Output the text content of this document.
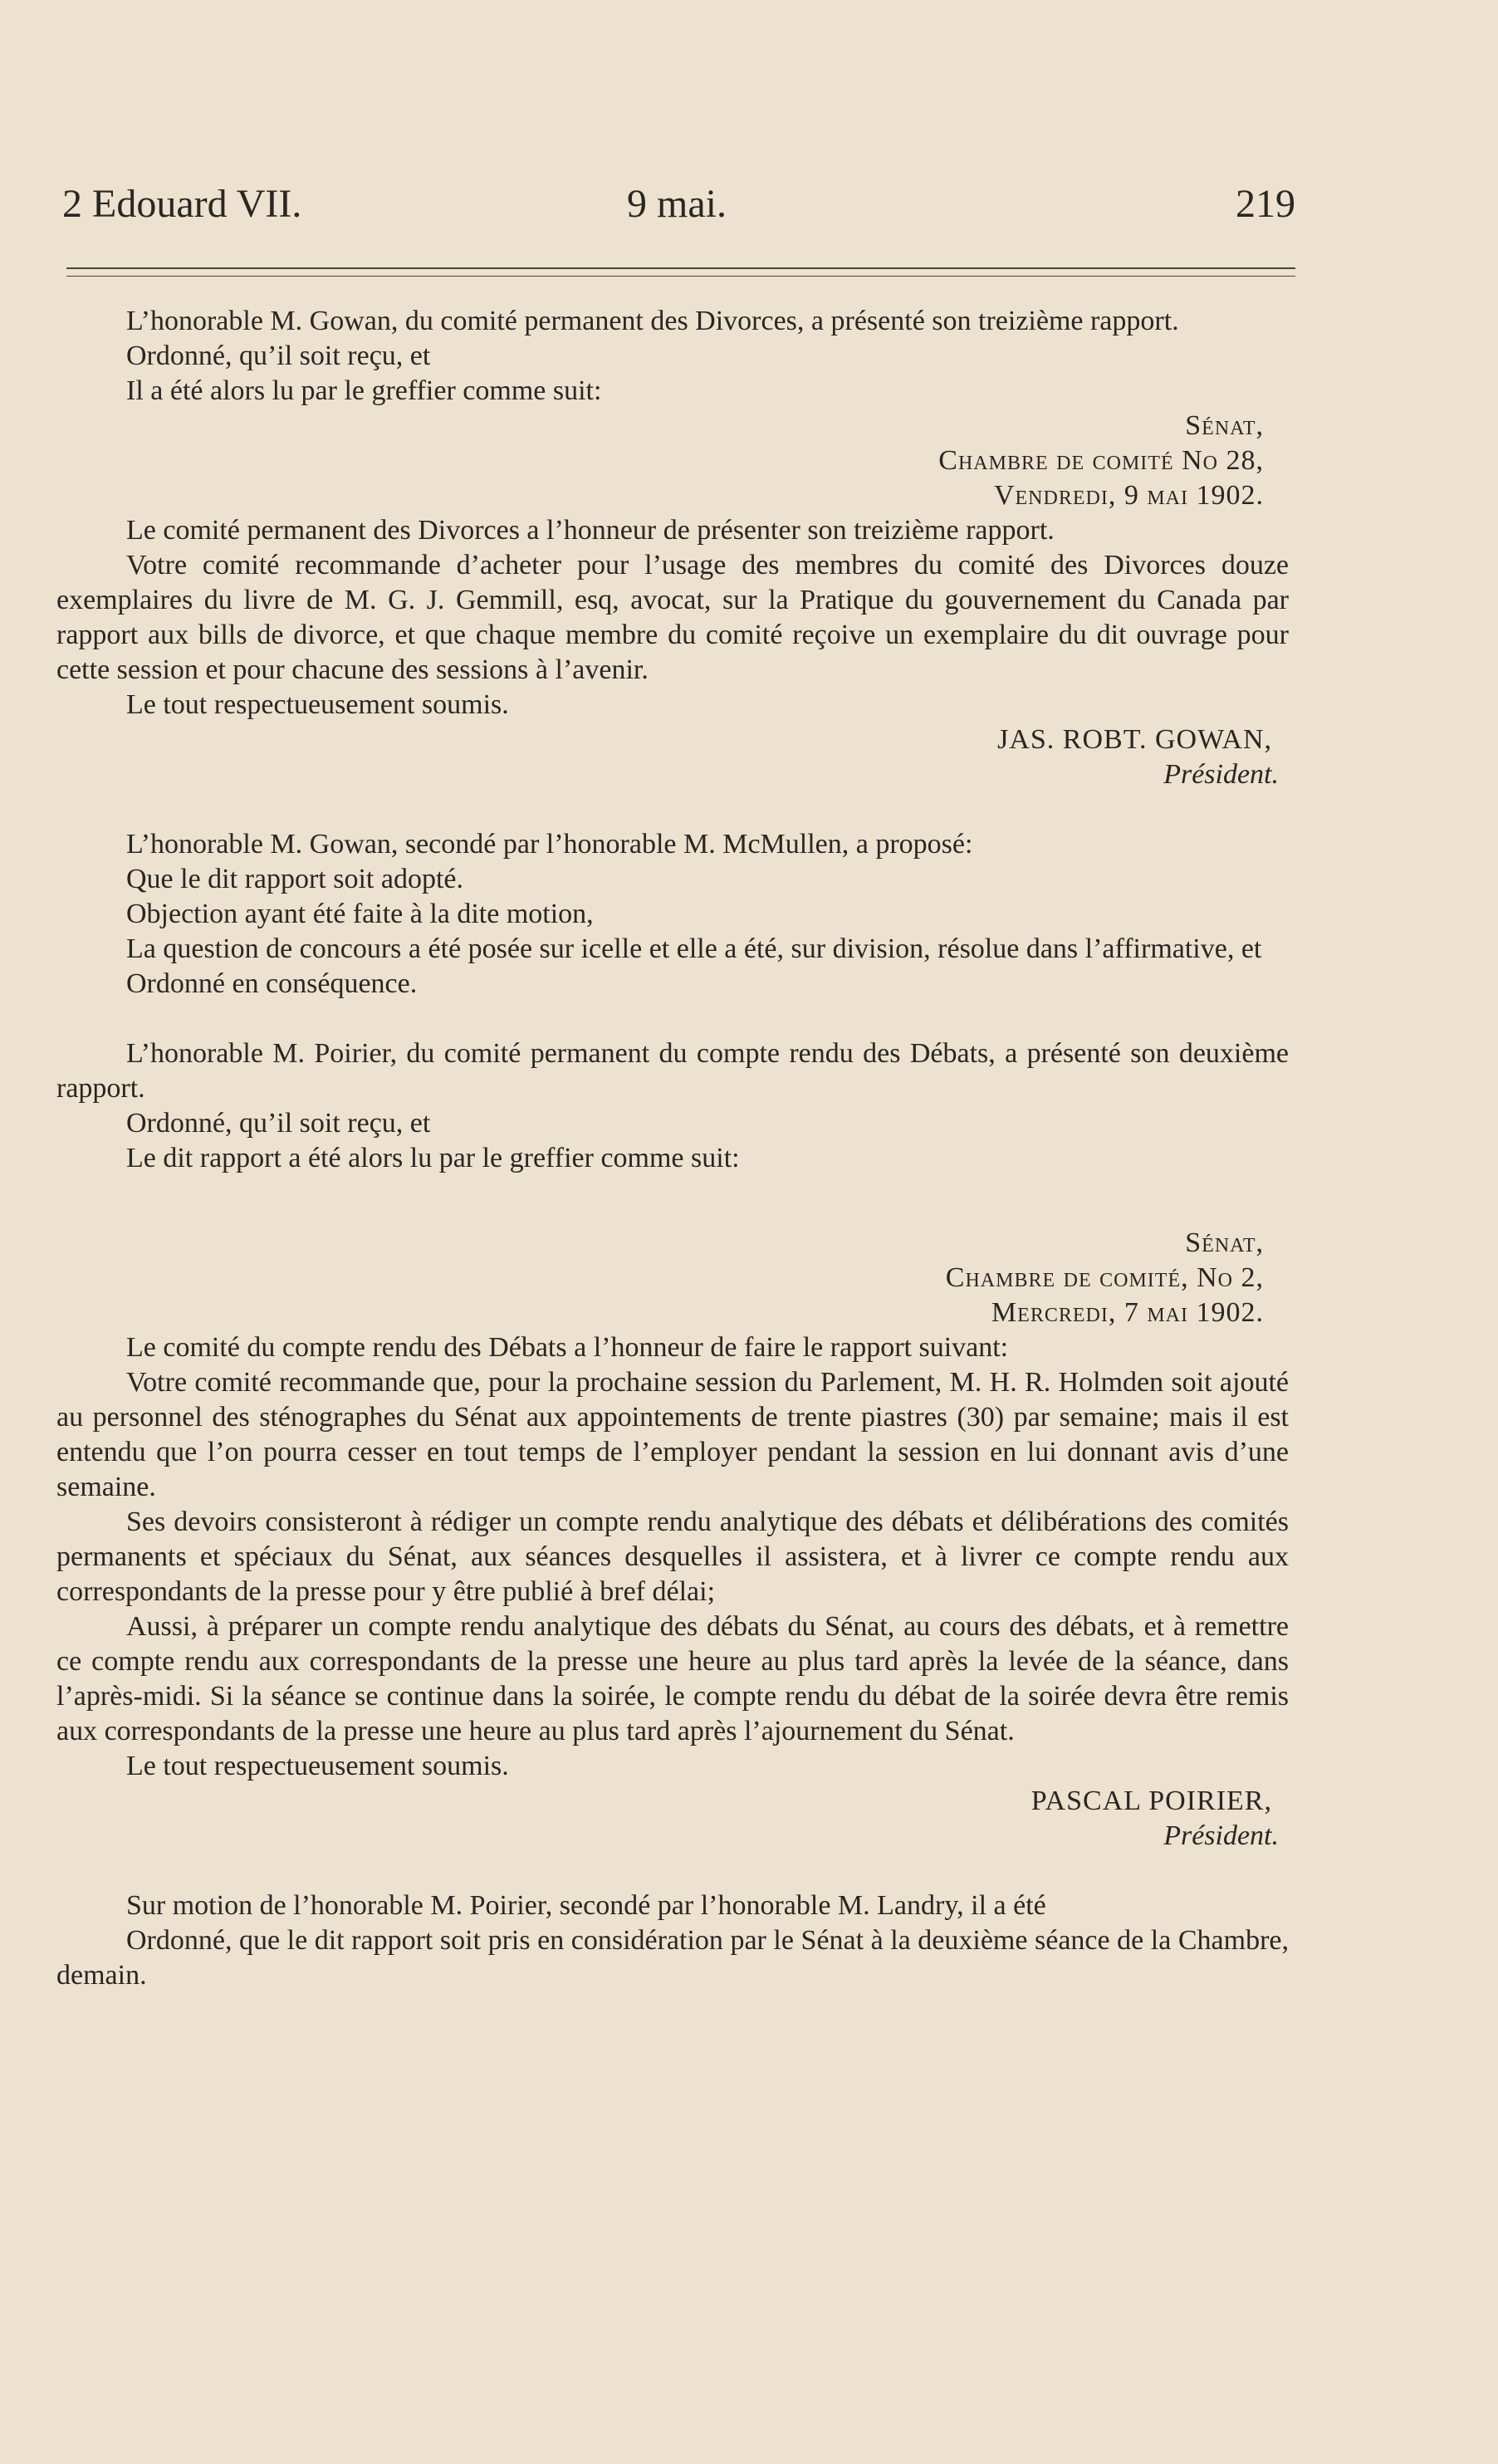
2 Edouard VII.	9 mai.	219

L’honorable M. Gowan, du comité permanent des Divorces, a présenté son treizième rapport.

Ordonné, qu’il soit reçu, et

Il a été alors lu par le greffier comme suit:

Sénat,

Chambre de comité No 28,

Vendredi, 9 mai 1902.

Le comité permanent des Divorces a l’honneur de présenter son treizième rapport.

Votre comité recommande d’acheter pour l’usage des membres du comité des Divorces douze exemplaires du livre de M. G. J. Gemmill, esq, avocat, sur la Pratique du gouvernement du Canada par rapport aux bills de divorce, et que chaque membre du comité reçoive un exemplaire du dit ouvrage pour cette session et pour chacune des sessions à l’avenir.

Le tout respectueusement soumis.

JAS. ROBT. GOWAN,

Président.

L’honorable M. Gowan, secondé par l’honorable M. McMullen, a proposé:

Que le dit rapport soit adopté.

Objection ayant été faite à la dite motion,

La question de concours a été posée sur icelle et elle a été, sur division, résolue dans l’affirmative, et

Ordonné en conséquence.

L’honorable M. Poirier, du comité permanent du compte rendu des Débats, a présenté son deuxième rapport.

Ordonné, qu’il soit reçu, et

Le dit rapport a été alors lu par le greffier comme suit:

Sénat,

Chambre de comité, No 2,

Mercredi, 7 mai 1902.

Le comité du compte rendu des Débats a l’honneur de faire le rapport suivant:

Votre comité recommande que, pour la prochaine session du Parlement, M. H. R. Holmden soit ajouté au personnel des sténographes du Sénat aux appointements de trente piastres (30) par semaine; mais il est entendu que l’on pourra cesser en tout temps de l’employer pendant la session en lui donnant avis d’une semaine.

Ses devoirs consisteront à rédiger un compte rendu analytique des débats et délibérations des comités permanents et spéciaux du Sénat, aux séances desquelles il assistera, et à livrer ce compte rendu aux correspondants de la presse pour y être publié à bref délai;

Aussi, à préparer un compte rendu analytique des débats du Sénat, au cours des débats, et à remettre ce compte rendu aux correspondants de la presse une heure au plus tard après la levée de la séance, dans l’après-midi. Si la séance se continue dans la soirée, le compte rendu du débat de la soirée devra être remis aux correspondants de la presse une heure au plus tard après l’ajournement du Sénat.

Le tout respectueusement soumis.

PASCAL POIRIER,

Président.

Sur motion de l’honorable M. Poirier, secondé par l’honorable M. Landry, il a été

Ordonné, que le dit rapport soit pris en considération par le Sénat à la deuxième séance de la Chambre, demain.
